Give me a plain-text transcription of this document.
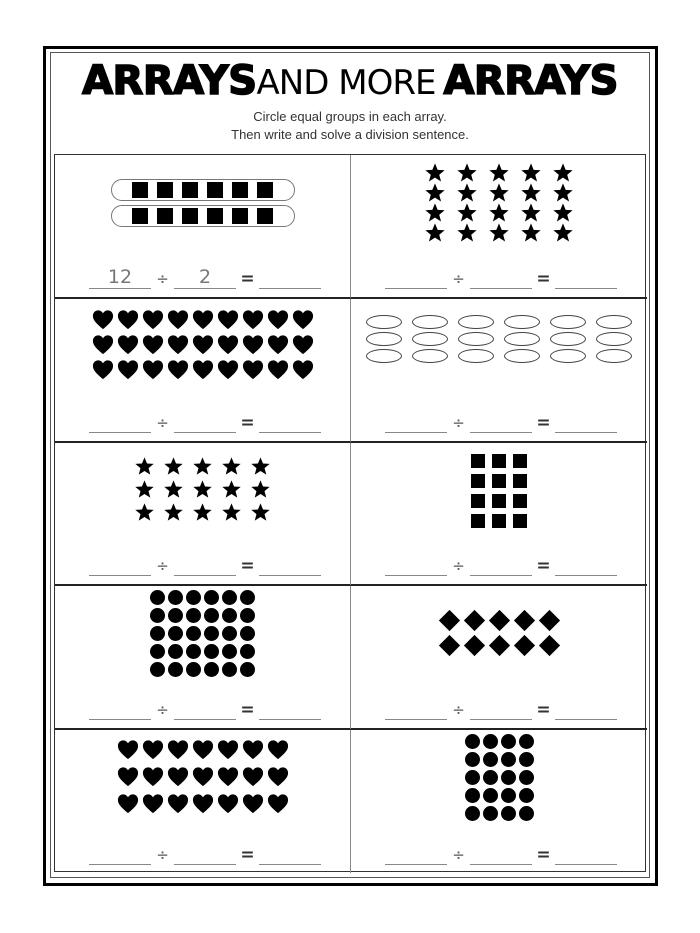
ARRAYSAND MORE ARRAYS
Circle equal groups in each array.
Then write and solve a division sentence.
12	÷	2	=	÷	=
÷	=	÷	=
÷	=	÷	=
÷	=	÷	=
÷	=	÷	=
